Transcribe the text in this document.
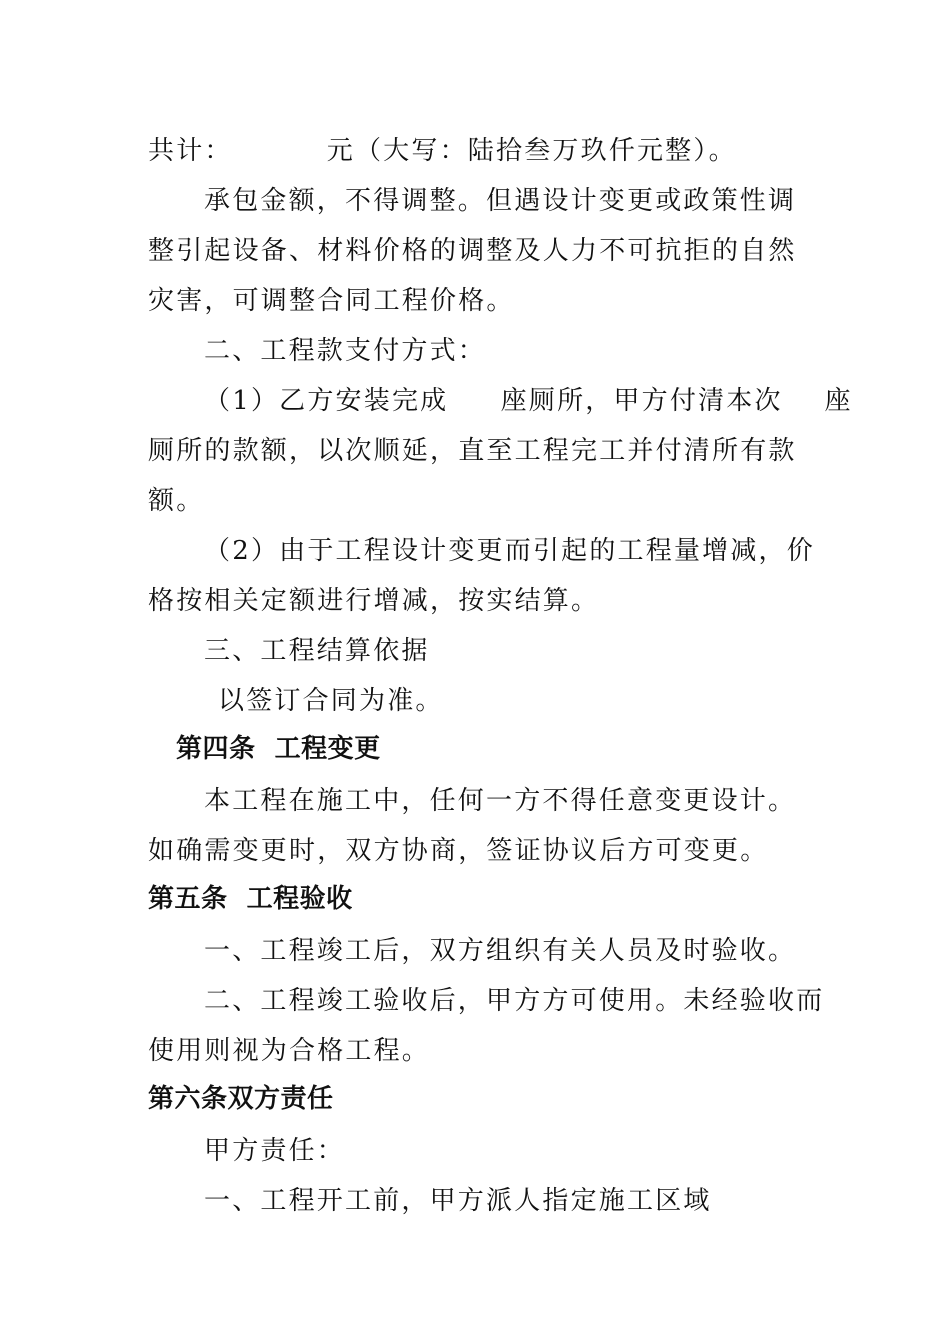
共计：         元（大写：陆拾叁万玖仟元整）。
承包金额，不得调整。但遇设计变更或政策性调
整引起设备、材料价格的调整及人力不可抗拒的自然
灾害，可调整合同工程价格。
二、工程款支付方式：
（1）乙方安装完成     座厕所，甲方付清本次    座
厕所的款额，以次顺延，直至工程完工并付清所有款
额。
（2）由于工程设计变更而引起的工程量增减，价
格按相关定额进行增减，按实结算。
三、工程结算依据
以签订合同为准。
第四条  工程变更
本工程在施工中，任何一方不得任意变更设计。
如确需变更时，双方协商，签证协议后方可变更。
第五条  工程验收
一、工程竣工后，双方组织有关人员及时验收。
二、工程竣工验收后，甲方方可使用。未经验收而
使用则视为合格工程。
第六条双方责任
甲方责任：
一、工程开工前，甲方派人指定施工区域
